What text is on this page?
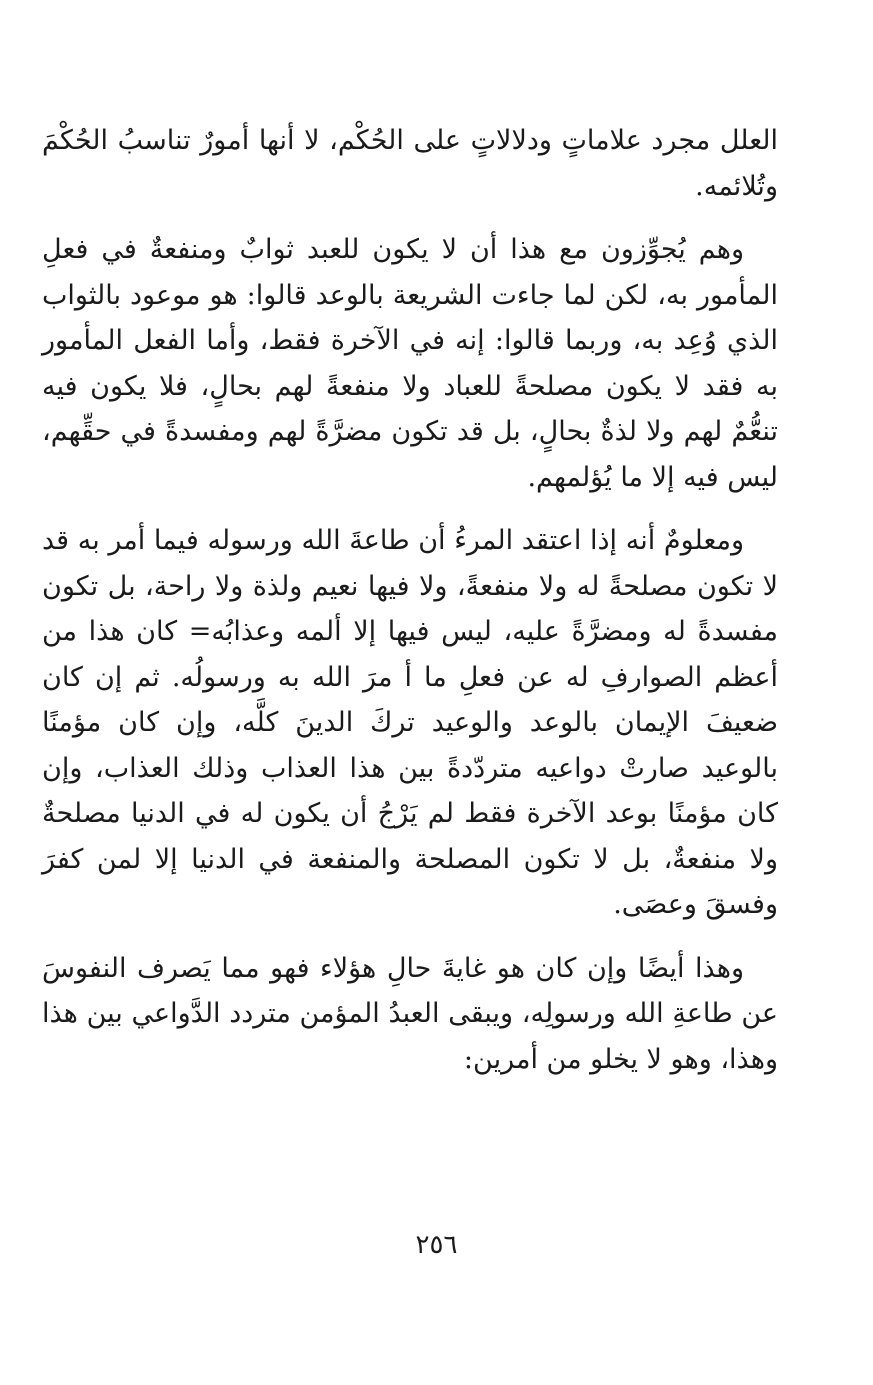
العلل مجرد علاماتٍ ودلالاتٍ على الحُكْم، لا أنها أمورٌ تناسبُ الحُكْمَ وتُلائمه.

وهم يُجوِّزون مع هذا أن لا يكون للعبد ثوابٌ ومنفعةٌ في فعلِ المأمور به، لكن لما جاءت الشريعة بالوعد قالوا: هو موعود بالثواب الذي وُعِد به، وربما قالوا: إنه في الآخرة فقط، وأما الفعل المأمور به فقد لا يكون مصلحةً للعباد ولا منفعةً لهم بحالٍ، فلا يكون فيه تنعُّمٌ لهم ولا لذةٌ بحالٍ، بل قد تكون مضرَّةً لهم ومفسدةً في حقِّهم، ليس فيه إلا ما يُؤلمهم.

ومعلومٌ أنه إذا اعتقد المرءُ أن طاعةَ الله ورسوله فيما أمر به قد لا تكون مصلحةً له ولا منفعةً، ولا فيها نعيم ولذة ولا راحة، بل تكون مفسدةً له ومضرَّةً عليه، ليس فيها إلا ألمه وعذابُه= كان هذا من أعظم الصوارفِ له عن فعلِ ما أ مرَ الله به ورسولُه. ثم إن كان ضعيفَ الإيمان بالوعد والوعيد تركَ الدينَ كلَّه، وإن كان مؤمنًا بالوعيد صارتْ دواعيه متردّدةً بين هذا العذاب وذلك العذاب، وإن كان مؤمنًا بوعد الآخرة فقط لم يَرْجُ أن يكون له في الدنيا مصلحةٌ ولا منفعةٌ، بل لا تكون المصلحة والمنفعة في الدنيا إلا لمن كفرَ وفسقَ وعصَى.

وهذا أيضًا وإن كان هو غايةَ حالِ هؤلاء فهو مما يَصرف النفوسَ عن طاعةِ الله ورسولِه، ويبقى العبدُ المؤمن متردد الدَّواعي بين هذا وهذا، وهو لا يخلو من أمرين:

٢٥٦
